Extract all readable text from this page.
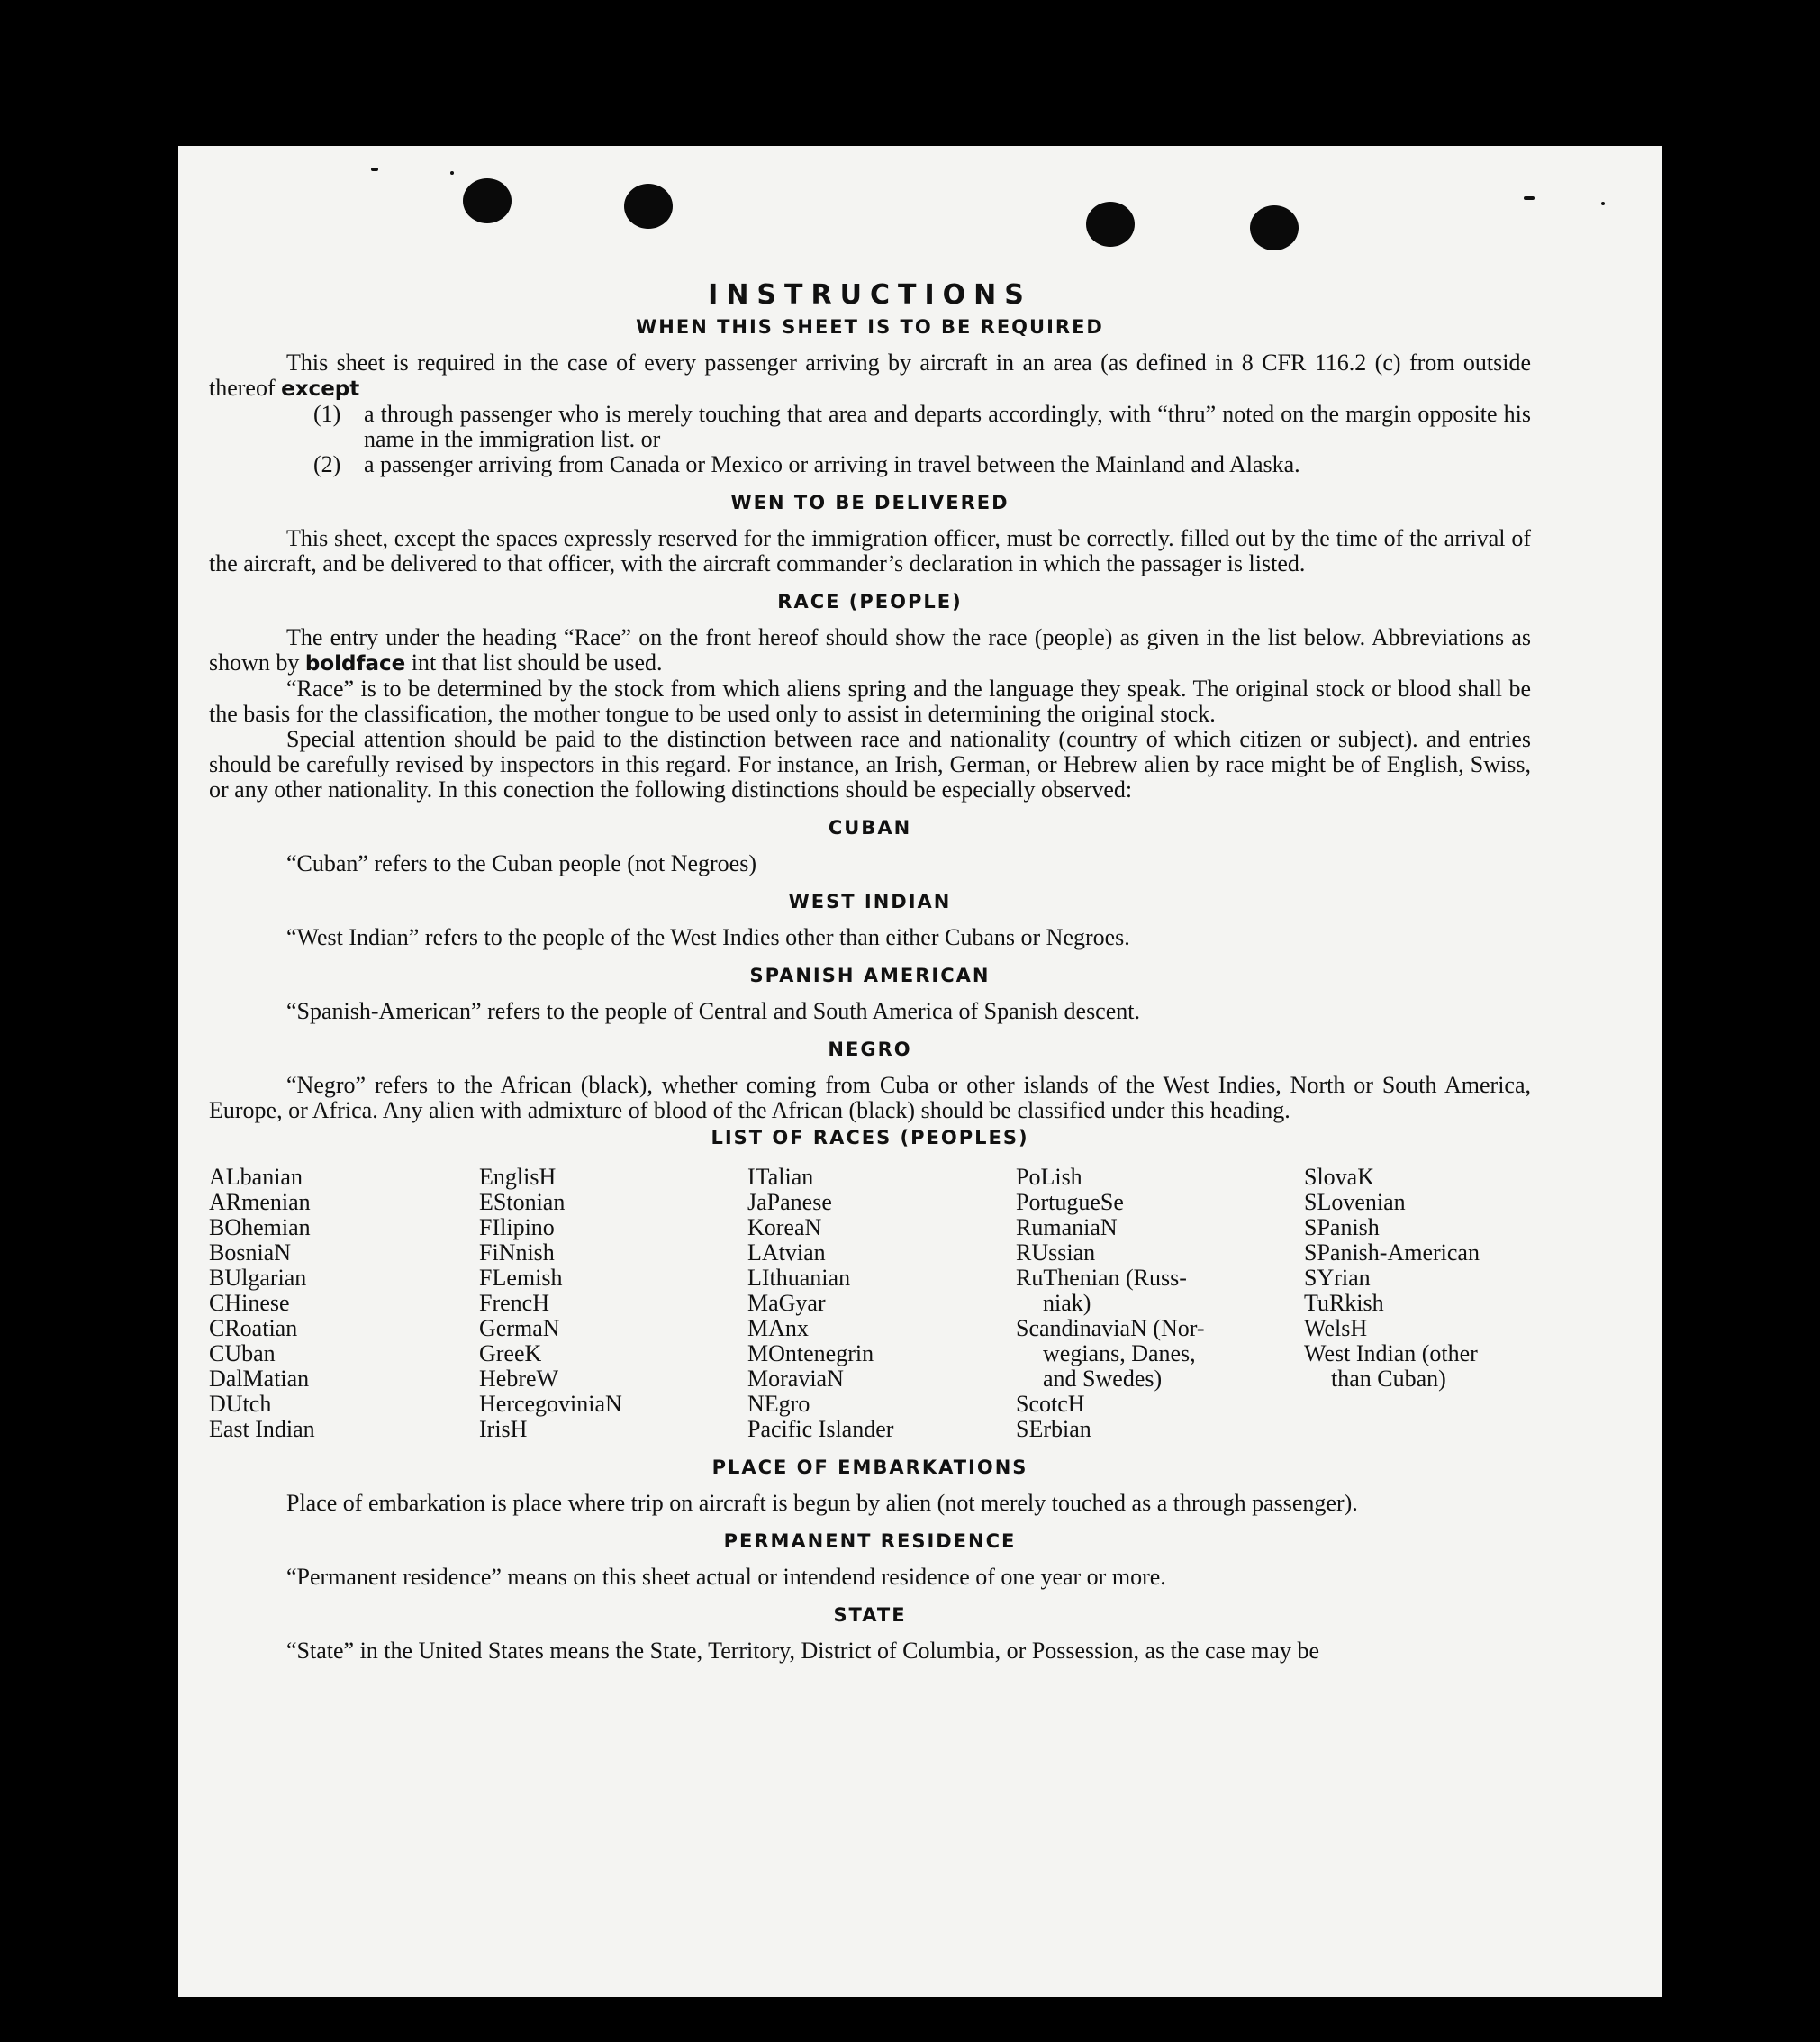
INSTRUCTIONS
WHEN THIS SHEET IS TO BE REQUIRED

This sheet is required in the case of every passenger arriving by aircraft in an area (as defined in 8 CFR 116.2 (c) from outside thereof except

(1) a through passenger who is merely touching that area and departs accordingly, with “thru” noted on the margin opposite his name in the immigration list. or
(2) a passenger arriving from Canada or Mexico or arriving in travel between the Mainland and Alaska.
WEN TO BE DELIVERED

This sheet, except the spaces expressly reserved for the immigration officer, must be correctly. filled out by the time of the arrival of the aircraft, and be delivered to that officer, with the aircraft commander’s declaration in which the passager is listed.

RACE (PEOPLE)

The entry under the heading “Race” on the front hereof should show the race (people) as given in the list below. Abbreviations as shown by boldface int that list should be used.

“Race” is to be determined by the stock from which aliens spring and the language they speak. The original stock or blood shall be the basis for the classification, the mother tongue to be used only to assist in determining the original stock.

Special attention should be paid to the distinction between race and nationality (country of which citizen or subject). and entries should be carefully revised by inspectors in this regard. For instance, an Irish, German, or Hebrew alien by race might be of English, Swiss, or any other nationality. In this conection the following distinctions should be especially observed:

CUBAN

“Cuban” refers to the Cuban people (not Negroes)

WEST INDIAN

“West Indian” refers to the people of the West Indies other than either Cubans or Negroes.

SPANISH AMERICAN

“Spanish-American” refers to the people of Central and South America of Spanish descent.

NEGRO

“Negro” refers to the African (black), whether coming from Cuba or other islands of the West Indies, North or South America, Europe, or Africa. Any alien with admixture of blood of the African (black) should be classified under this heading.

LIST OF RACES (PEOPLES)
ALbanian
ARmenian
BOhemian
BosniaN
BUlgarian
CHinese
CRoatian
CUban
DalMatian
DUtch
East Indian
EnglisH
EStonian
FIlipino
FiNnish
FLemish
FrencH
GermaN
GreeK
HebreW
HercegoviniaN
IrisH
ITalian
JaPanese
KoreaN
LAtvian
LIthuanian
MaGyar
MAnx
MOntenegrin
MoraviaN
NEgro
Pacific Islander
PoLish
PortugueSe
RumaniaN
RUssian
RuThenian (Russ-
niak)
ScandinaviaN (Nor-
wegians, Danes,
and Swedes)
ScotcH
SErbian
SlovaK
SLovenian
SPanish
SPanish-American
SYrian
TuRkish
WelsH
West Indian (other
than Cuban)
PLACE OF EMBARKATIONS

Place of embarkation is place where trip on aircraft is begun by alien (not merely touched as a through passenger).

PERMANENT RESIDENCE

“Permanent residence” means on this sheet actual or intendend residence of one year or more.

STATE

“State” in the United States means the State, Territory, District of Columbia, or Possession, as the case may be
